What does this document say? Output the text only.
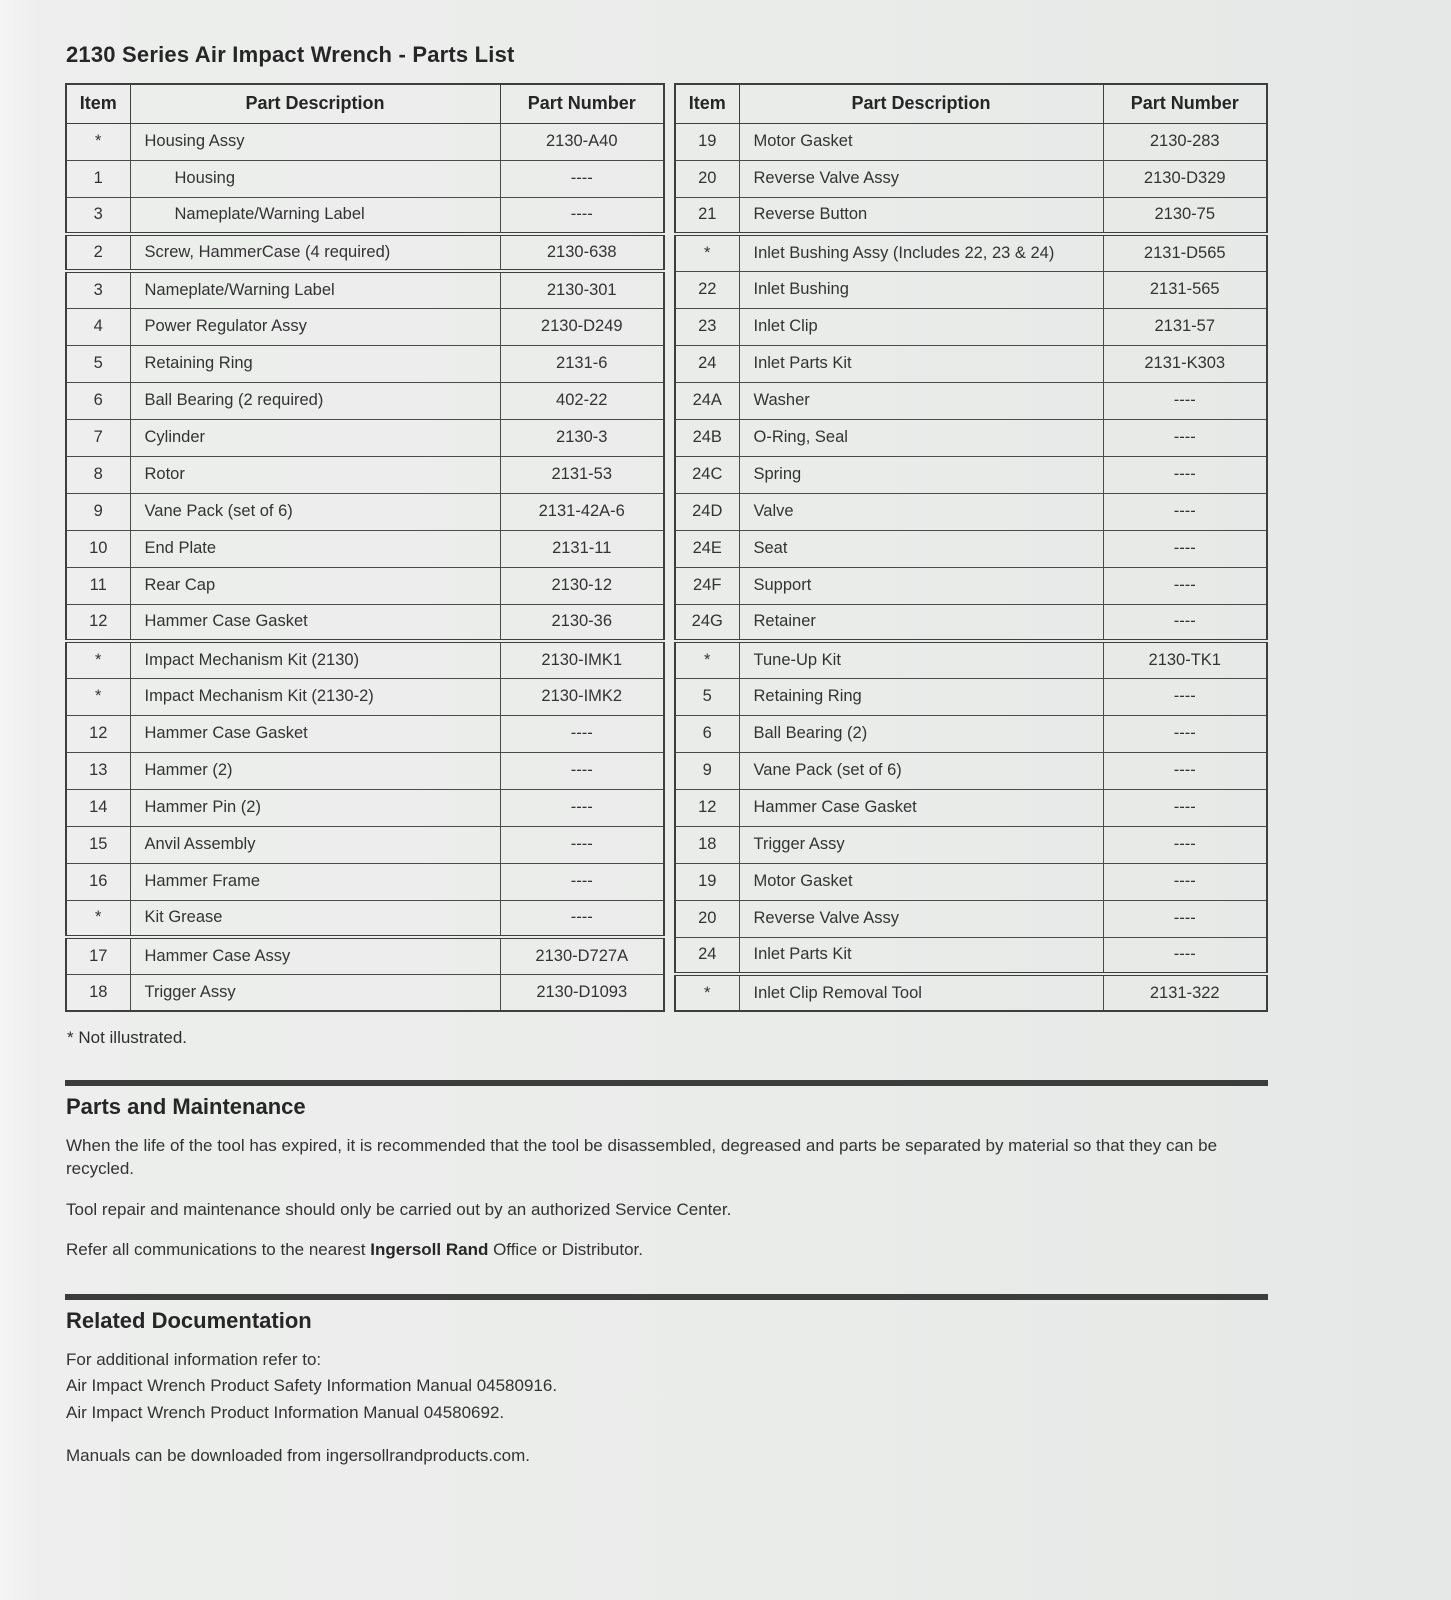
2130 Series Air Impact Wrench - Parts List
Item	Part Description	Part Number
*	Housing Assy	2130-A40
1	Housing	----
3	Nameplate/Warning Label	----
2	Screw, HammerCase (4 required)	2130-638
3	Nameplate/Warning Label	2130-301
4	Power Regulator Assy	2130-D249
5	Retaining Ring	2131-6
6	Ball Bearing (2 required)	402-22
7	Cylinder	2130-3
8	Rotor	2131-53
9	Vane Pack (set of 6)	2131-42A-6
10	End Plate	2131-11
11	Rear Cap	2130-12
12	Hammer Case Gasket	2130-36
*	Impact Mechanism Kit (2130)	2130-IMK1
*	Impact Mechanism Kit (2130-2)	2130-IMK2
12	Hammer Case Gasket	----
13	Hammer (2)	----
14	Hammer Pin (2)	----
15	Anvil Assembly	----
16	Hammer Frame	----
*	Kit Grease	----
17	Hammer Case Assy	2130-D727A
18	Trigger Assy	2130-D1093
Item	Part Description	Part Number
19	Motor Gasket	2130-283
20	Reverse Valve Assy	2130-D329
21	Reverse Button	2130-75
*	Inlet Bushing Assy (Includes 22, 23 & 24)	2131-D565
22	Inlet Bushing	2131-565
23	Inlet Clip	2131-57
24	Inlet Parts Kit	2131-K303
24A	Washer	----
24B	O-Ring, Seal	----
24C	Spring	----
24D	Valve	----
24E	Seat	----
24F	Support	----
24G	Retainer	----
*	Tune-Up Kit	2130-TK1
5	Retaining Ring	----
6	Ball Bearing (2)	----
9	Vane Pack (set of 6)	----
12	Hammer Case Gasket	----
18	Trigger Assy	----
19	Motor Gasket	----
20	Reverse Valve Assy	----
24	Inlet Parts Kit	----
*	Inlet Clip Removal Tool	2131-322

* Not illustrated.

Parts and Maintenance

When the life of the tool has expired, it is recommended that the tool be disassembled, degreased and parts be separated by material so that they can be recycled.

Tool repair and maintenance should only be carried out by an authorized Service Center.

Refer all communications to the nearest Ingersoll Rand Office or Distributor.

Related Documentation

For additional information refer to:

Air Impact Wrench Product Safety Information Manual 04580916.

Air Impact Wrench Product Information Manual 04580692.

Manuals can be downloaded from ingersollrandproducts.com.
